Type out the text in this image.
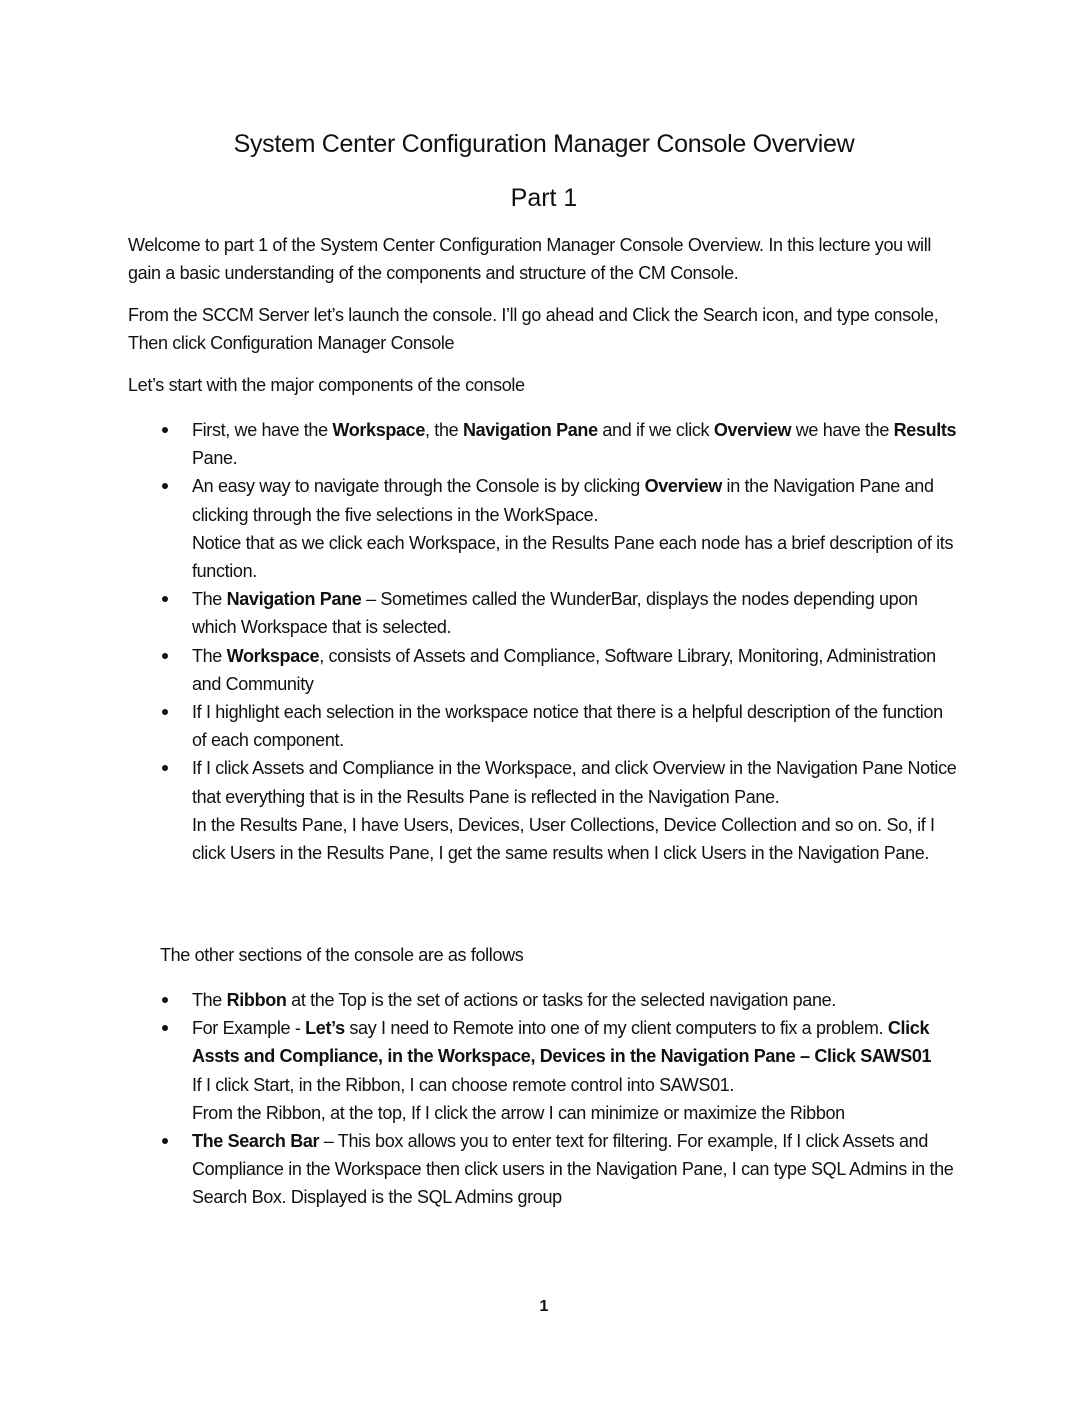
System Center Configuration Manager Console Overview
Part 1
Welcome to part 1 of the System Center Configuration Manager Console Overview. In this lecture you will gain a basic understanding of the components and structure of the CM Console.
From the SCCM Server let’s launch the console. I’ll go ahead and Click the Search icon, and type console, Then click Configuration Manager Console
Let’s start with the major components of the console
First, we have the Workspace, the Navigation Pane and if we click Overview we have the Results Pane.
An easy way to navigate through the Console is by clicking Overview in the Navigation Pane and clicking through the five selections in the WorkSpace.
Notice that as we click each Workspace, in the Results Pane each node has a brief description of its function.
The Navigation Pane – Sometimes called the WunderBar, displays the nodes depending upon which Workspace that is selected.
The Workspace, consists of Assets and Compliance, Software Library, Monitoring, Administration and Community
If I highlight each selection in the workspace notice that there is a helpful description of the function of each component.
If I click Assets and Compliance in the Workspace, and click Overview in the Navigation Pane Notice that everything that is in the Results Pane is reflected in the Navigation Pane.
In the Results Pane, I have Users, Devices, User Collections, Device Collection and so on. So, if I click Users in the Results Pane, I get the same results when I click Users in the Navigation Pane.
The other sections of the console are as follows
The Ribbon at the Top is the set of actions or tasks for the selected navigation pane.
For Example - Let’s say I need to Remote into one of my client computers to fix a problem. Click Assts and Compliance, in the Workspace, Devices in the Navigation Pane – Click SAWS01
If I click Start, in the Ribbon, I can choose remote control into SAWS01.
From the Ribbon, at the top, If I click the arrow I can minimize or maximize the Ribbon
The Search Bar – This box allows you to enter text for filtering. For example, If I click Assets and Compliance in the Workspace then click users in the Navigation Pane, I can type SQL Admins in the Search Box. Displayed is the SQL Admins group
1
